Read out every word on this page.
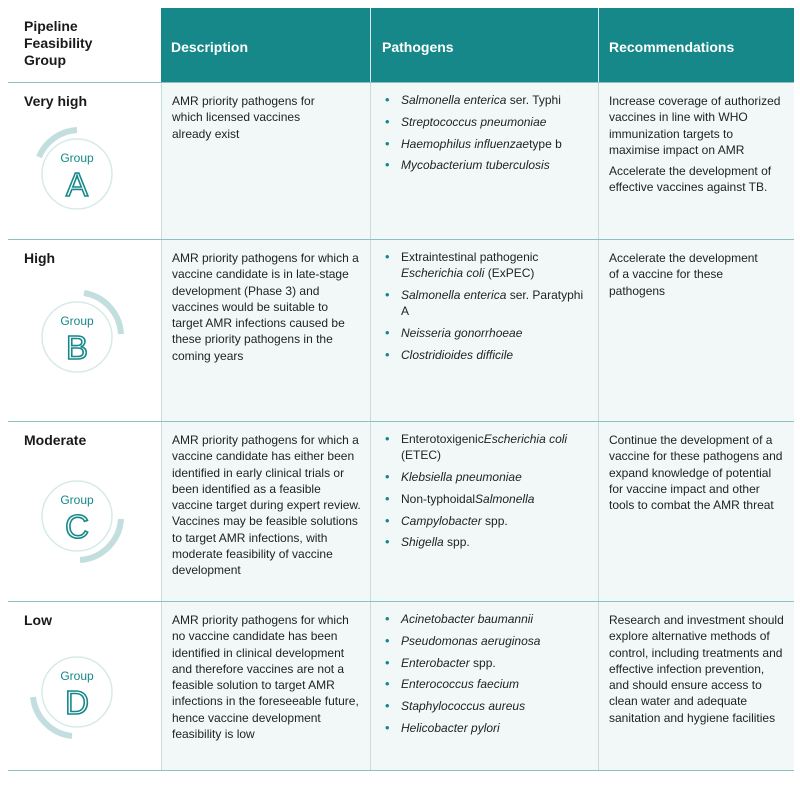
Pipeline
Feasibility
Group
Description	Pathogens	Recommendations
Very high
Group
A
AMR priority pathogens for which licensed vaccines already exist
• Salmonella enterica ser. Typhi
• Streptococcus pneumoniae
• Haemophilus influenzaetype b
• Mycobacterium tuberculosis

Increase coverage of authorized vaccines in line with WHO immunization targets to maximise impact on AMR

Accelerate the development of effective vaccines against TB.

High
Group
B
AMR priority pathogens for which a vaccine candidate is in late-stage development (Phase 3) and vaccines would be suitable to target AMR infections caused be these priority pathogens in the coming years
• Extraintestinal pathogenic Escherichia coli (ExPEC)
• Salmonella enterica ser. Paratyphi A
• Neisseria gonorrhoeae
• Clostridioides difficile

Accelerate the development of a vaccine for these pathogens

Moderate
Group
C
AMR priority pathogens for which a vaccine candidate has either been identified in early clinical trials or been identified as a feasible vaccine target during expert review. Vaccines may be feasible solutions to target AMR infections, with moderate feasibility of vaccine development
• EnterotoxigenicEscherichia coli (ETEC)
• Klebsiella pneumoniae
• Non-typhoidalSalmonella
• Campylobacter spp.
• Shigella spp.

Continue the development of a vaccine for these pathogens and expand knowledge of potential for vaccine impact and other tools to combat the AMR threat

Low
Group
D
AMR priority pathogens for which no vaccine candidate has been identified in clinical development and therefore vaccines are not a feasible solution to target AMR infections in the foreseeable future, hence vaccine development feasibility is low
• Acinetobacter baumannii
• Pseudomonas aeruginosa
• Enterobacter spp.
• Enterococcus faecium
• Staphylococcus aureus
• Helicobacter pylori

Research and investment should explore alternative methods of control, including treatments and effective infection prevention, and should ensure access to clean water and adequate sanitation and hygiene facilities
